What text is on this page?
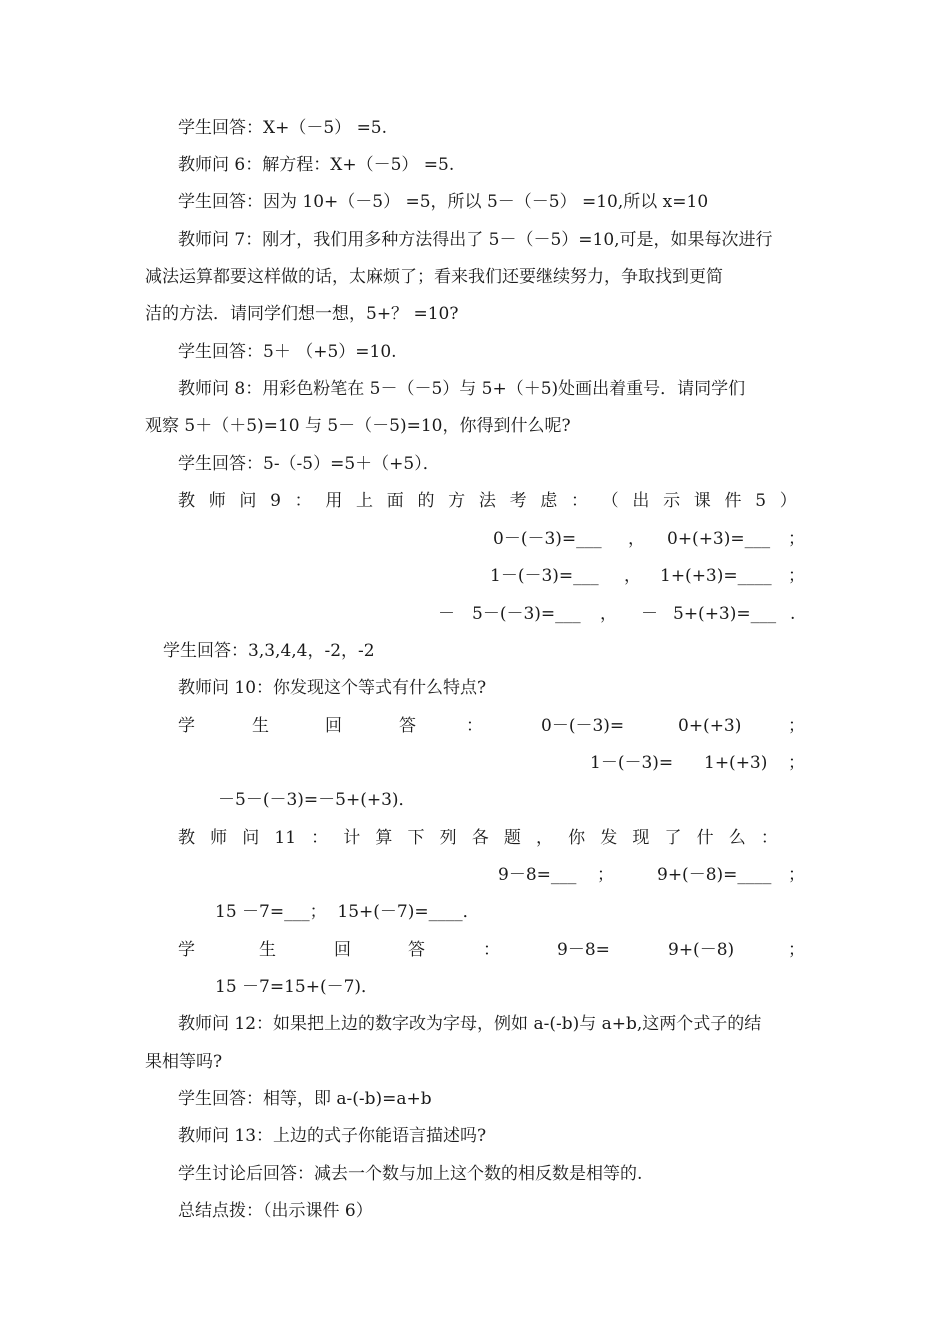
学生回答：X+（－5） =5.
教师问 6：解方程：X+（－5） =5.
学生回答：因为 10+（－5） =5，所以 5－（－5） =10,所以 x=10
教师问 7：刚才，我们用多种方法得出了 5－（－5）=10,可是，如果每次进行
减法运算都要这样做的话，太麻烦了；看来我们还要继续努力，争取找到更简
洁的方法．请同学们想一想，5+？ =10?
学生回答：5＋ （+5）=10.
教师问 8：用彩色粉笔在 5－（－5）与 5+（＋5)处画出着重号．请同学们
观察 5＋（＋5)=10 与 5－（－5)=10，你得到什么呢?
学生回答：5-（-5）=5＋（+5）．
教 师 问 9 ： 用 上 面 的 方 法 考 虑 ： （ 出 示 课 件 5 ）
0－(－3)=___ ， 0+(+3)=___ ；
1－(－3)=___ ， 1+(+3)=____ ；
－ 5－(－3)=___ ， － 5+(+3)=___ .
学生回答：3,3,4,4，-2，-2
教师问 10：你发现这个等式有什么特点?
学	生	回	答	：	0－(－3)=	0+(+3)	；
1－(－3)= 1+(+3) ；
－5－(－3)=－5+(+3)．
教 师 问 11 ： 计 算 下 列 各 题 ， 你 发 现 了 什 么 ：
9－8=___ ；	9+(－8)=____ ；
15 －7=___；  15+(－7)=____．
学	生	回	答	：	9－8=	9+(－8)	；
15 －7=15+(－7)．
教师问 12：如果把上边的数字改为字母，例如 a-(-b)与 a+b,这两个式子的结
果相等吗?
学生回答：相等，即 a-(-b)=a+b
教师问 13：上边的式子你能语言描述吗?
学生讨论后回答：减去一个数与加上这个数的相反数是相等的.
总结点拨：（出示课件 6）
